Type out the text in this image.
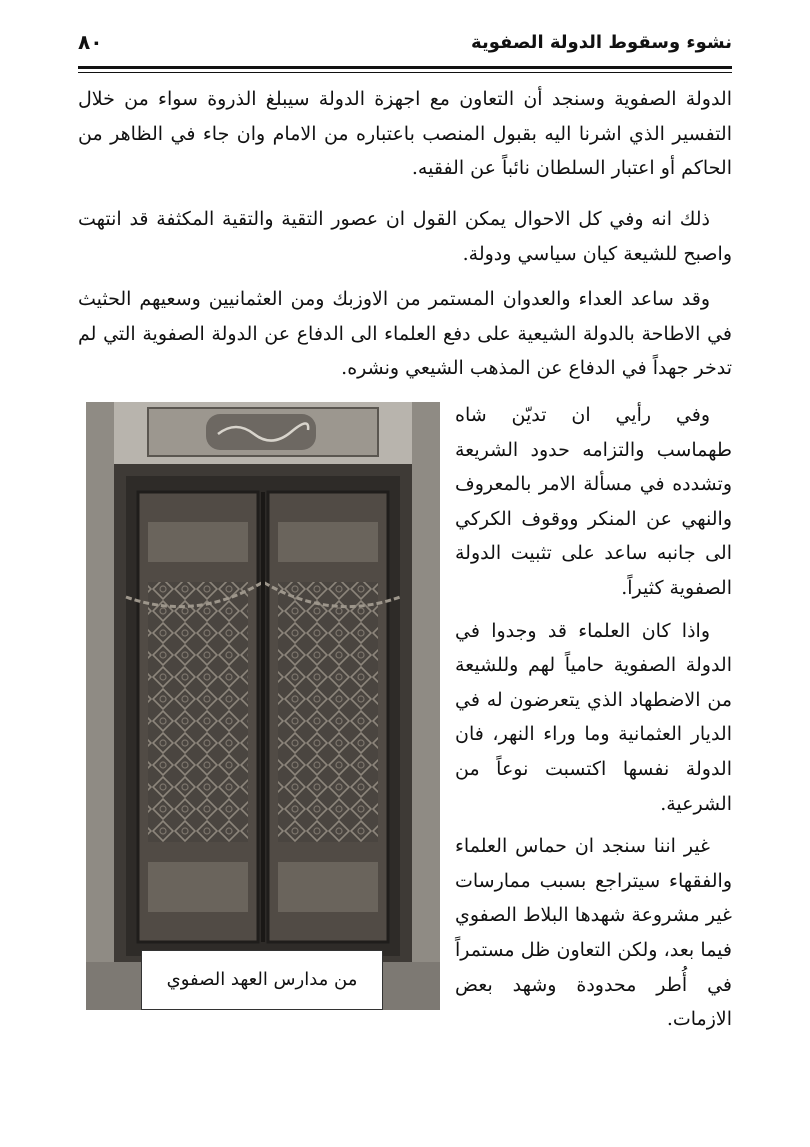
نشوء وسقوط الدولة الصفوية
٨٠

الدولة الصفوية وسنجد أن التعاون مع اجهزة الدولة سيبلغ الذروة سواء من خلال التفسير الذي اشرنا اليه بقبول المنصب باعتباره من الامام وان جاء في الظاهر من الحاكم أو اعتبار السلطان نائباً عن الفقيه.

ذلك انه وفي كل الاحوال يمكن القول ان عصور التقية والتقية المكثفة قد انتهت واصبح للشيعة كيان سياسي ودولة.

وقد ساعد العداء والعدوان المستمر من الاوزبك ومن العثمانيين وسعيهم الحثيث في الاطاحة بالدولة الشيعية على دفع العلماء الى الدفاع عن الدولة الصفوية التي لم تدخر جهداً في الدفاع عن المذهب الشيعي ونشره.

وفي رأيي ان تديّن شاه طهماسب والتزامه حدود الشريعة وتشدده في مسألة الامر بالمعروف والنهي عن المنكر ووقوف الكركي الى جانبه ساعد على تثبيت الدولة الصفوية كثيراً.

واذا كان العلماء قد وجدوا في الدولة الصفوية حامياً لهم وللشيعة من الاضطهاد الذي يتعرضون له في الديار العثمانية وما وراء النهر، فان الدولة نفسها اكتسبت نوعاً من الشرعية.

غير اننا سنجد ان حماس العلماء والفقهاء سيتراجع بسبب ممارسات غير مشروعة شهدها البلاط الصفوي فيما بعد، ولكن التعاون ظل مستمراً في أُطر محدودة وشهد بعض الازمات.

من مدارس العهد الصفوي
